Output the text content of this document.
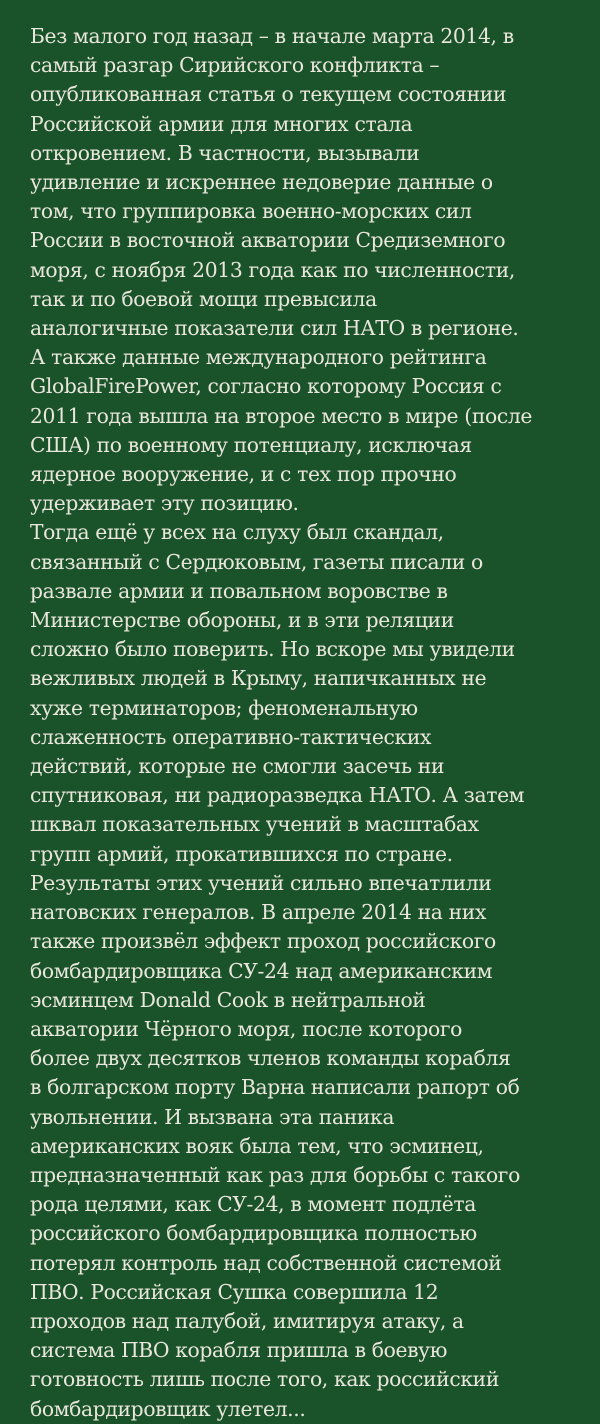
Без малого год назад – в начале марта 2014, в
самый разгар Сирийского конфликта –
опубликованная статья о текущем состоянии
Российской армии для многих стала
откровением. В частности, вызывали
удивление и искреннее недоверие данные о
том, что группировка военно-морских сил
России в восточной акватории Средиземного
моря, с ноября 2013 года как по численности,
так и по боевой мощи превысила
аналогичные показатели сил НАТО в регионе.
А также данные международного рейтинга
GlobalFirePower, согласно которому Россия с
2011 года вышла на второе место в мире (после
США) по военному потенциалу, исключая
ядерное вооружение, и с тех пор прочно
удерживает эту позицию.
Тогда ещё у всех на слуху был скандал,
связанный с Сердюковым, газеты писали о
развале армии и повальном воровстве в
Министерстве обороны, и в эти реляции
сложно было поверить. Но вскоре мы увидели
вежливых людей в Крыму, напичканных не
хуже терминаторов; феноменальную
слаженность оперативно-тактических
действий, которые не смогли засечь ни
спутниковая, ни радиоразведка НАТО. А затем
шквал показательных учений в масштабах
групп армий, прокатившихся по стране.
Результаты этих учений сильно впечатлили
натовских генералов. В апреле 2014 на них
также произвёл эффект проход российского
бомбардировщика СУ-24 над американским
эсминцем Donald Cook в нейтральной
акватории Чёрного моря, после которого
более двух десятков членов команды корабля
в болгарском порту Варна написали рапорт об
увольнении. И вызвана эта паника
американских вояк была тем, что эсминец,
предназначенный как раз для борьбы с такого
рода целями, как СУ-24, в момент подлёта
российского бомбардировщика полностью
потерял контроль над собственной системой
ПВО. Российская Сушка совершила 12
проходов над палубой, имитируя атаку, а
система ПВО корабля пришла в боевую
готовность лишь после того, как российский
бомбардировщик улетел...
